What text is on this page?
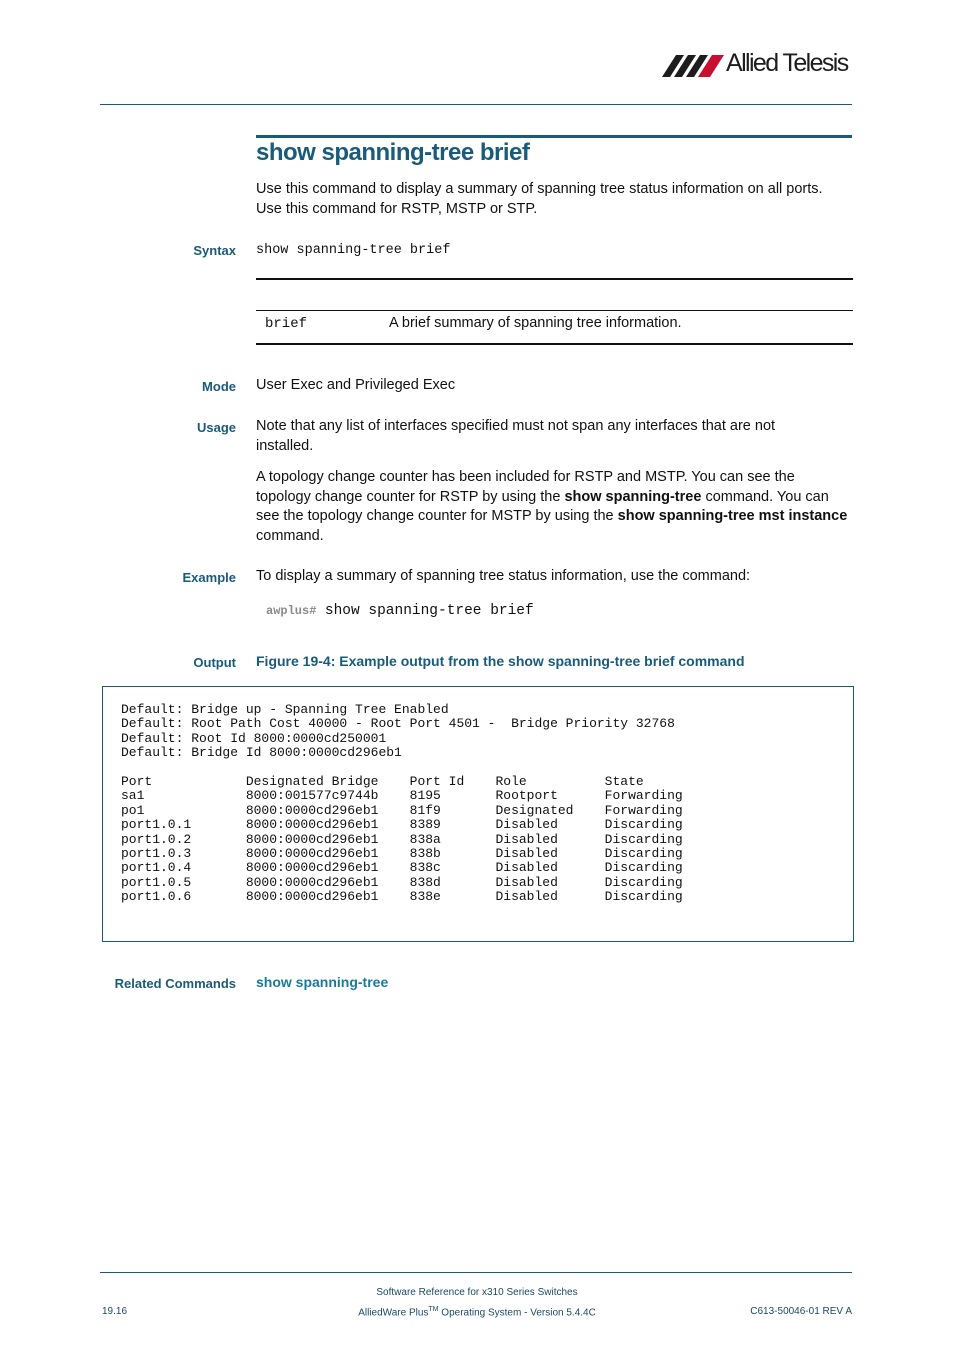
Allied Telesis
show spanning-tree brief
Use this command to display a summary of spanning tree status information on all ports.
Use this command for RSTP, MSTP or STP.
Syntax show spanning-tree brief
brief	A brief summary of spanning tree information.
Mode User Exec and Privileged Exec
Usage Note that any list of interfaces specified must not span any interfaces that are not installed.
A topology change counter has been included for RSTP and MSTP. You can see the topology change counter for RSTP by using the show spanning-tree command. You can see the topology change counter for MSTP by using the show spanning-tree mst instance command.
Example To display a summary of spanning tree status information, use the command:
awplus# show spanning-tree brief
Output Figure 19-4: Example output from the show spanning-tree brief command
Default: Bridge up - Spanning Tree Enabled
Default: Root Path Cost 40000 - Root Port 4501 -  Bridge Priority 32768
Default: Root Id 8000:0000cd250001
Default: Bridge Id 8000:0000cd296eb1

Port            Designated Bridge    Port Id    Role          State
sa1             8000:001577c9744b    8195       Rootport      Forwarding
po1             8000:0000cd296eb1    81f9       Designated    Forwarding
port1.0.1       8000:0000cd296eb1    8389       Disabled      Discarding
port1.0.2       8000:0000cd296eb1    838a       Disabled      Discarding
port1.0.3       8000:0000cd296eb1    838b       Disabled      Discarding
port1.0.4       8000:0000cd296eb1    838c       Disabled      Discarding
port1.0.5       8000:0000cd296eb1    838d       Disabled      Discarding
port1.0.6       8000:0000cd296eb1    838e       Disabled      Discarding
Related Commands show spanning-tree
Software Reference for x310 Series Switches
AlliedWare Plus™ Operating System - Version 5.4.4C
19.16	C613-50046-01 REV A
